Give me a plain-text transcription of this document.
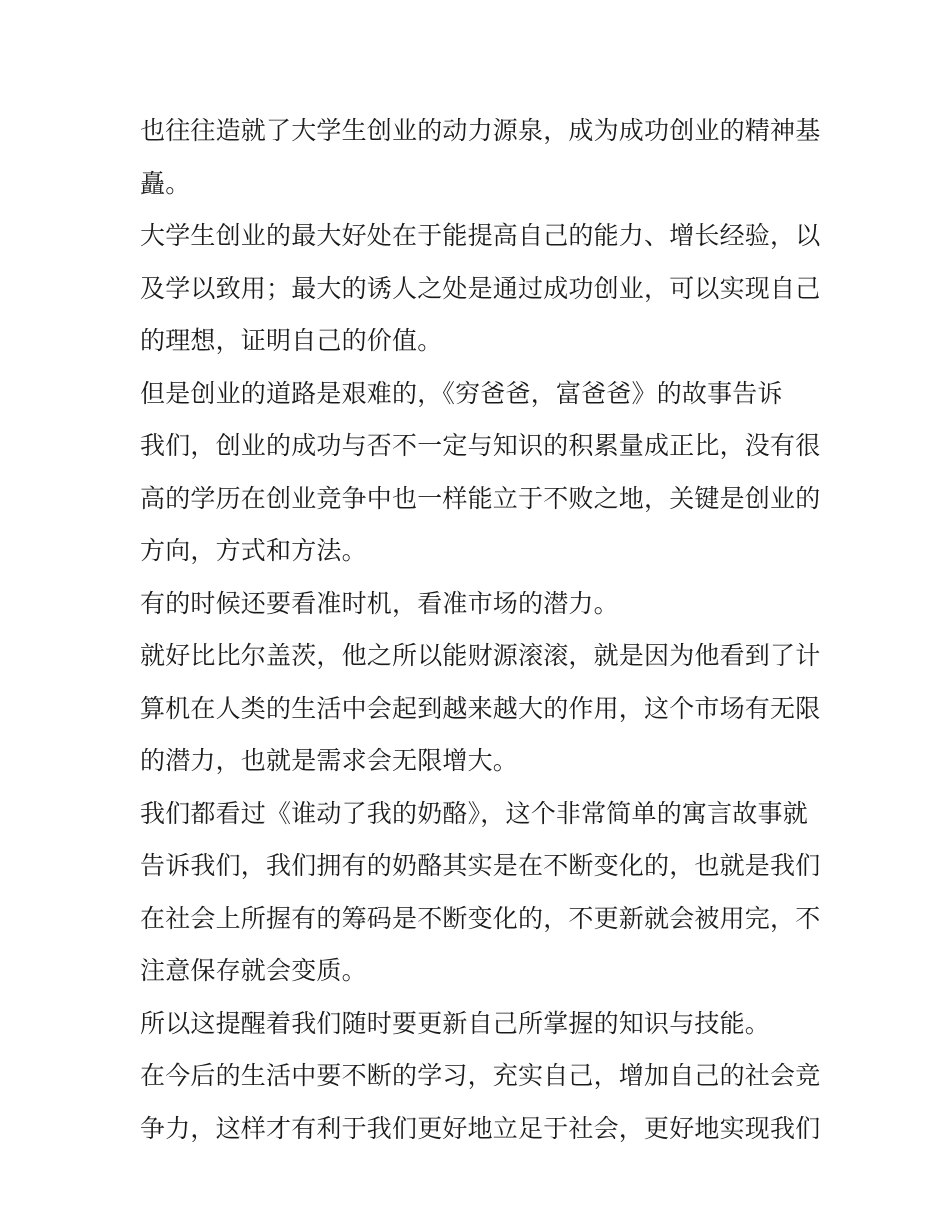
也往往造就了大学生创业的动力源泉，成为成功创业的精神基
矗。
大学生创业的最大好处在于能提高自己的能力、增长经验，以
及学以致用；最大的诱人之处是通过成功创业，可以实现自己
的理想，证明自己的价值。
但是创业的道路是艰难的，《穷爸爸，富爸爸》的故事告诉
我们，创业的成功与否不一定与知识的积累量成正比，没有很
高的学历在创业竞争中也一样能立于不败之地，关键是创业的
方向，方式和方法。
有的时候还要看准时机，看准市场的潜力。
就好比比尔盖茨，他之所以能财源滚滚，就是因为他看到了计
算机在人类的生活中会起到越来越大的作用，这个市场有无限
的潜力，也就是需求会无限增大。
我们都看过《谁动了我的奶酪》，这个非常简单的寓言故事就
告诉我们，我们拥有的奶酪其实是在不断变化的，也就是我们
在社会上所握有的筹码是不断变化的，不更新就会被用完，不
注意保存就会变质。
所以这提醒着我们随时要更新自己所掌握的知识与技能。
在今后的生活中要不断的学习，充实自己，增加自己的社会竞
争力，这样才有利于我们更好地立足于社会，更好地实现我们
